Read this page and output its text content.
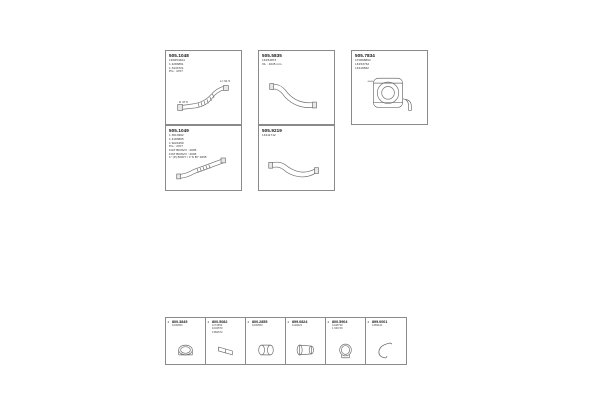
505.1048
1K0254404
1 4283861
1 3443721
PG : 4707
D 47.5
L= 61.5
505.5835
1K153873
OL : 1045 mm
505.7834
1T0698864
1K153732
1K119832
505.1049
1 3613992
1 4183895
1 9224450
PG : 4707
FIAT BRAVO : 2005
FIAT BRAVO : 2006
1" (P) BODY / 1"S BY 2005
505.9219
1K111712
4 800.3845
1030654
4 800.5082
1174653
1034570
1384672
2 800.2855
1030653
2 899.0824
1110021
2 800.5904
1248730
1 646 50
2 899.0001
1283121
